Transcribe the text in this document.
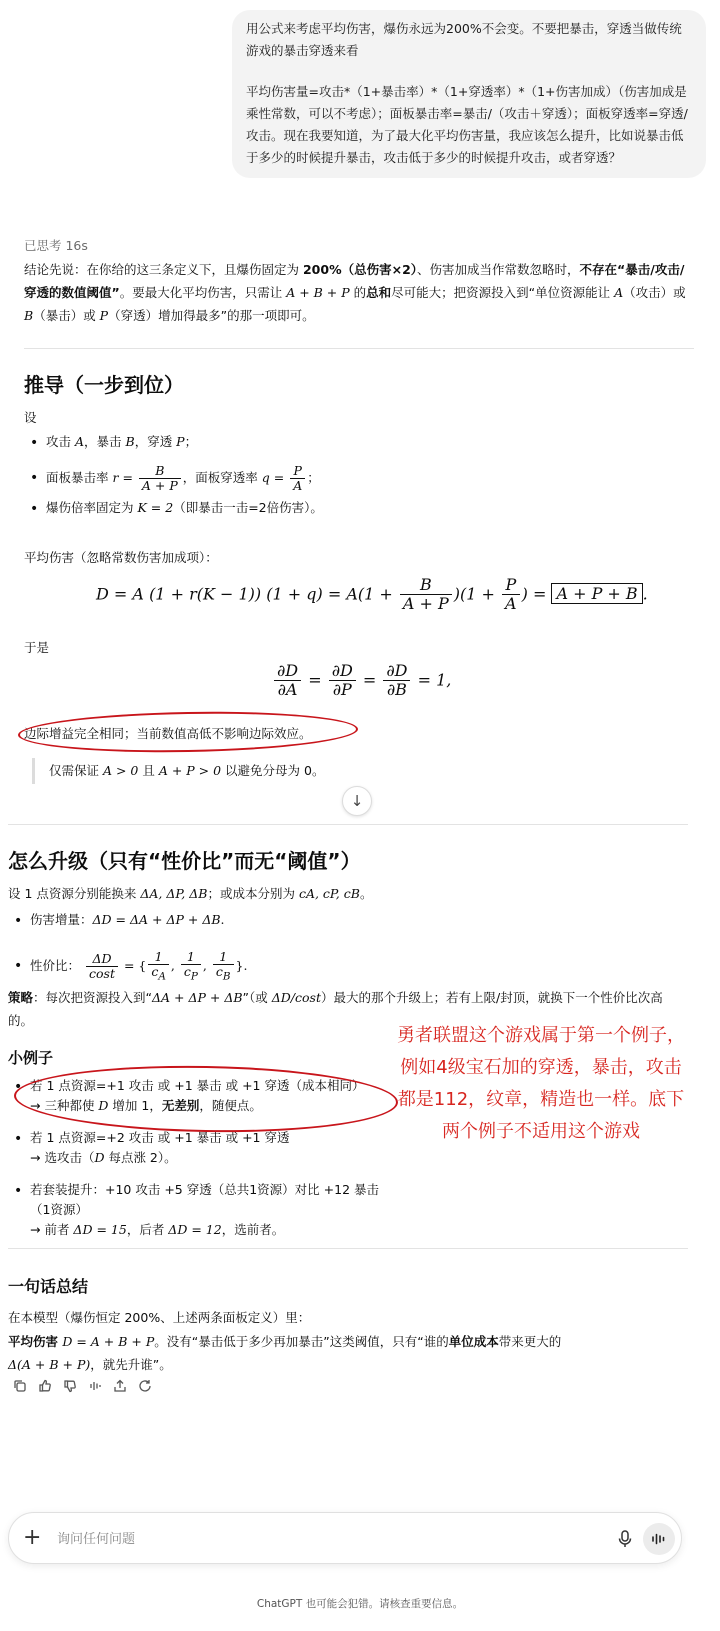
用公式来考虑平均伤害，爆伤永远为200%不会变。不要把暴击，穿透当做传统游戏的暴击穿透来看

平均伤害量=攻击*（1+暴击率）*（1+穿透率）*（1+伤害加成）（伤害加成是乘性常数，可以不考虑）；面板暴击率=暴击/（攻击＋穿透）；面板穿透率=穿透/攻击。现在我要知道，为了最大化平均伤害量，我应该怎么提升，比如说暴击低于多少的时候提升暴击，攻击低于多少的时候提升攻击，或者穿透？

已思考 16s
结论先说：在你给的这三条定义下，且爆伤固定为 200%（总伤害×2）、伤害加成当作常数忽略时，不存在“暴击/攻击/穿透的数值阈值”。要最大化平均伤害，只需让 A + B + P 的总和尽可能大；把资源投入到“单位资源能让 A（攻击）或 B（暴击）或 P（穿透）增加得最多”的那一项即可。
推导（一步到位）
设
• 攻击 A，暴击 B，穿透 P；
• 面板暴击率 $r = \frac{B}{A + P}$ ，面板穿透率 $q = \frac{P}{A}$ ；
• 爆伤倍率固定为 K = 2（即暴击一击=2倍伤害）。
平均伤害（忽略常数伤害加成项）：
D = A (1 + r(K − 1)) $(1 + q) = A(1 + \frac{B}{A + P} )(1 + \frac{P}{A}$ ) = A + P + B .
于是
$\frac{\partial D}{\partial A} = \frac{\partial D}{\partial P} = \frac{\partial D}{\partial B} = 1$,
边际增益完全相同；当前数值高低不影响边际效应。
仅需保证 A > 0 且 A + P > 0 以避免分母为 0。
↓
怎么升级（只有“性价比”而无“阈值”）
设 1 点资源分别能换来 ΔA, ΔP, ΔB；或成本分别为 cA, cP, cB。
• 伤害增量：ΔD = ΔA + ΔP + ΔB.
• 性价比： $\frac{\Delta D}{\cos t}$ = { $\frac{1}{c_A}$ , $\frac{1}{c_P}$ , $\frac{1}{c_B}$ }.
策略：每次把资源投入到“ΔA + ΔP + ΔB”（或 ΔD/cost）最大的那个升级上；若有上限/封顶，就换下一个性价比次高的。
小例子
• 若 1 点资源=+1 攻击 或 +1 暴击 或 +1 穿透（成本相同）
→ 三种都使 D 增加 1，无差别，随便点。
• 若 1 点资源=+2 攻击 或 +1 暴击 或 +1 穿透
→ 选攻击（D 每点涨 2）。
• 若套装提升：+10 攻击 +5 穿透（总共1资源）对比 +12 暴击（1资源）
→ 前者 ΔD = 15，后者 ΔD = 12，选前者。
勇者联盟这个游戏属于第一个例子，例如4级宝石加的穿透，暴击，攻击都是112，纹章，精造也一样。底下两个例子不适用这个游戏
一句话总结
在本模型（爆伤恒定 200%、上述两条面板定义）里：
平均伤害 D = A + B + P。没有“暴击低于多少再加暴击”这类阈值，只有“谁的单位成本带来更大的
Δ(A + B + P)，就先升谁”。
+
询问任何问题
ChatGPT 也可能会犯错。请核查重要信息。
